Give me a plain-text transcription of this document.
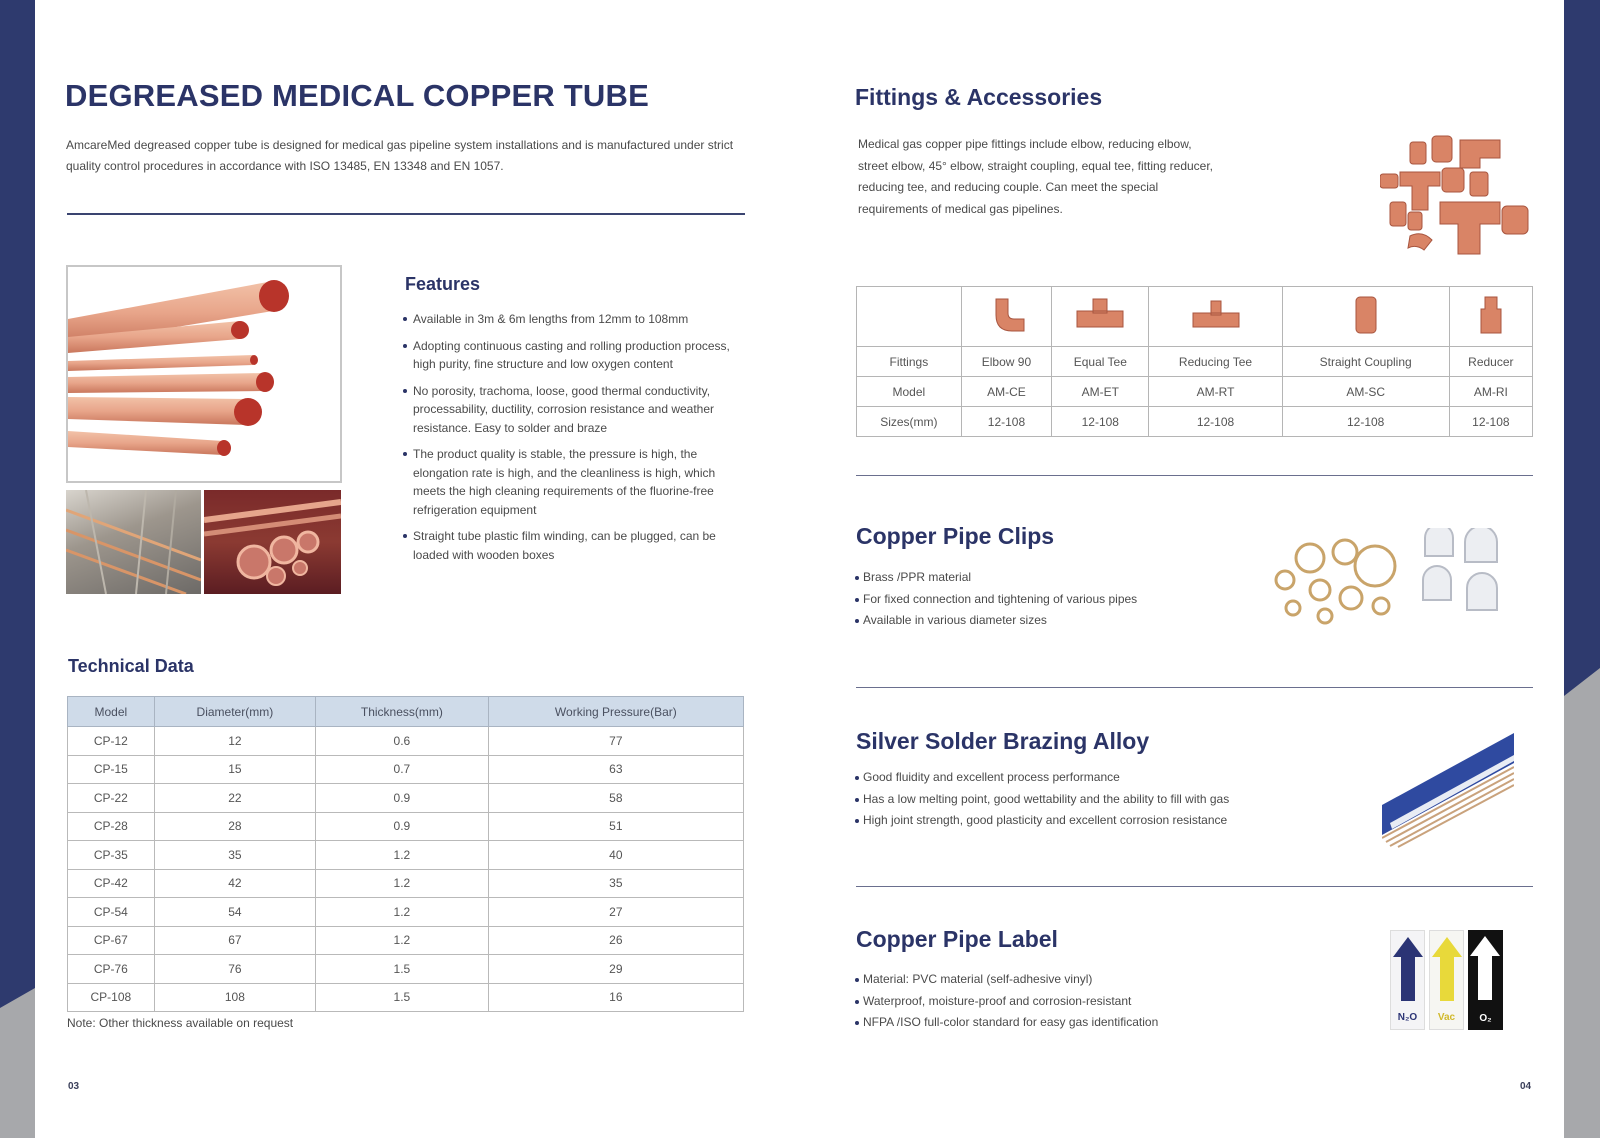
DEGREASED MEDICAL COPPER TUBE

AmcareMed degreased copper tube is designed for medical gas pipeline system installations and is manufactured under strict quality control procedures in accordance with ISO 13485, EN 13348 and EN 1057.

Features
Available in 3m & 6m lengths from 12mm to 108mm
Adopting continuous casting and rolling production process, high purity, fine structure and low oxygen content
No porosity, trachoma, loose, good thermal conductivity, processability, ductility, corrosion resistance and weather resistance. Easy to solder and braze
The product quality is stable, the pressure is high, the elongation rate is high, and the cleanliness is high, which meets the high cleaning requirements of the fluorine-free refrigeration equipment
Straight tube plastic film winding, can be plugged, can be loaded with wooden boxes
Technical Data
Model	Diameter(mm)	Thickness(mm)	Working Pressure(Bar)
CP-12	12	0.6	77
CP-15	15	0.7	63
CP-22	22	0.9	58
CP-28	28	0.9	51
CP-35	35	1.2	40
CP-42	42	1.2	35
CP-54	54	1.2	27
CP-67	67	1.2	26
CP-76	76	1.5	29
CP-108	108	1.5	16
Note: Other thickness available on request
03
Fittings & Accessories

Medical gas copper pipe fittings include elbow, reducing elbow, street elbow, 45° elbow, straight coupling, equal tee, fitting reducer, reducing tee, and reducing couple. Can meet the special requirements of medical gas pipelines.

Fittings	Elbow 90	Equal Tee	Reducing Tee	Straight Coupling	Reducer
Model	AM-CE	AM-ET	AM-RT	AM-SC	AM-RI
Sizes(mm)	12-108	12-108	12-108	12-108	12-108
Copper Pipe Clips
Brass /PPR material
For fixed connection and tightening of various pipes
Available in various diameter sizes
Silver Solder Brazing Alloy
Good fluidity and excellent process performance
Has a low melting point, good wettability and the ability to fill with gas
High joint strength, good plasticity and excellent corrosion resistance
Copper Pipe Label
Material: PVC material (self-adhesive vinyl)
Waterproof, moisture-proof and corrosion-resistant
NFPA /ISO full-color standard for easy gas identification	N₂O	Vac	O₂
04
